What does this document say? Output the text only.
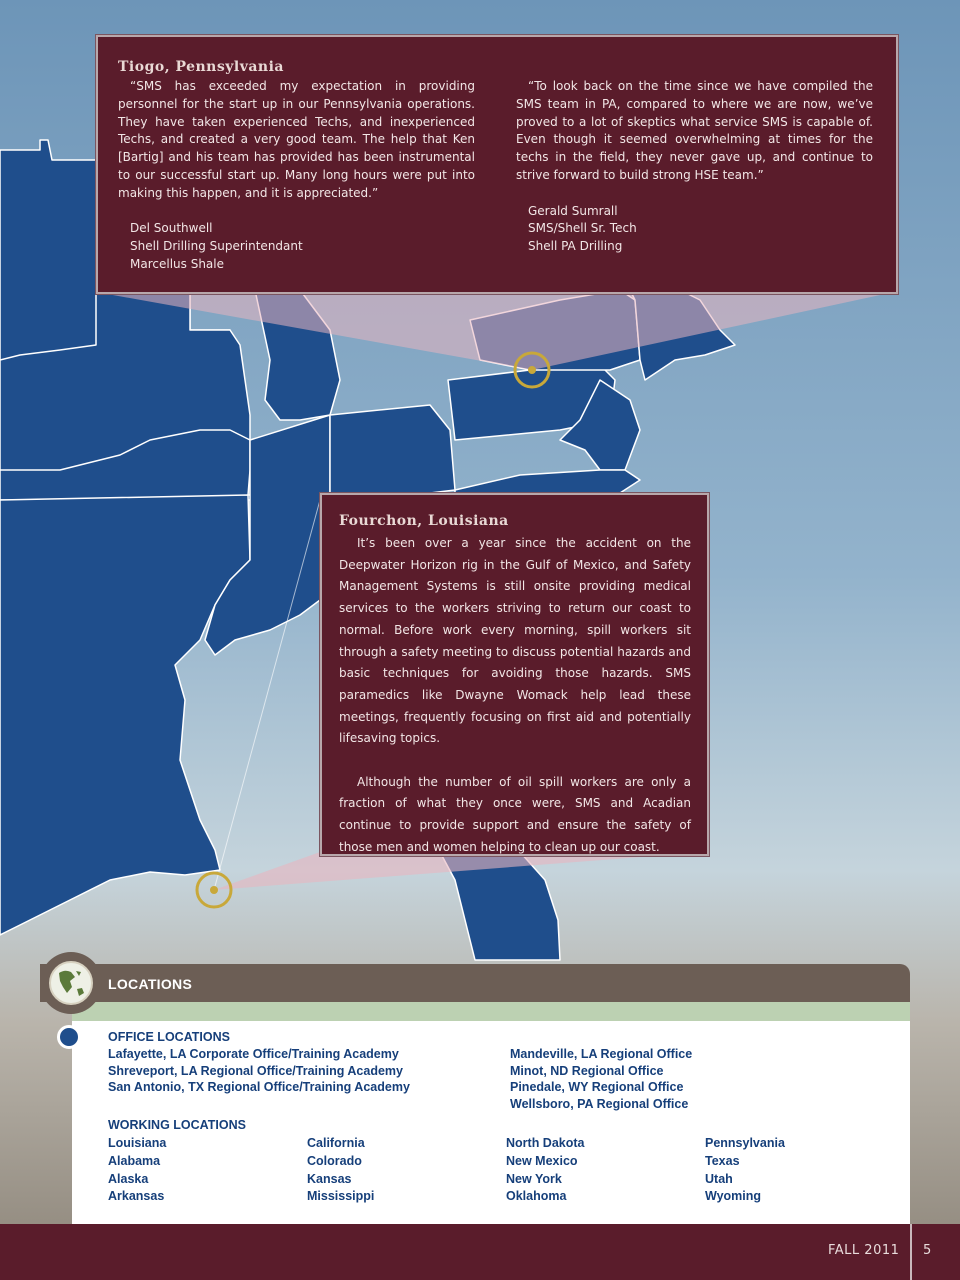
Tiogo, Pennsylvania

“SMS has exceeded my expectation in providing personnel for the start up in our Pennsylvania operations. They have taken experienced Techs, and inexperienced Techs, and created a very good team. The help that Ken [Bartig] and his team has provided has been instrumental to our successful start up. Many long hours were put into making this happen, and it is appreciated.”

Del Southwell
Shell Drilling Superintendant
Marcellus Shale

“To look back on the time since we have compiled the SMS team in PA, compared to where we are now, we’ve proved to a lot of skeptics what service SMS is capable of. Even though it seemed overwhelming at times for the techs in the field, they never gave up, and continue to strive forward to build strong HSE team.”

Gerald Sumrall
SMS/Shell Sr. Tech
Shell PA Drilling

Fourchon, Louisiana

It’s been over a year since the accident on the Deepwater Horizon rig in the Gulf of Mexico, and Safety Management Systems is still onsite providing medical services to the workers striving to return our coast to normal. Before work every morning, spill workers sit through a safety meeting to discuss potential hazards and basic techniques for avoiding those hazards. SMS paramedics like Dwayne Womack help lead these meetings, frequently focusing on first aid and potentially lifesaving topics.

Although the number of oil spill workers are only a fraction of what they once were, SMS and Acadian continue to provide support and ensure the safety of those men and women helping to clean up our coast.

LOCATIONS
OFFICE LOCATIONS
Lafayette, LA Corporate Office/Training Academy
Shreveport, LA Regional Office/Training Academy
San Antonio, TX Regional Office/Training Academy
Mandeville, LA Regional Office
Minot, ND Regional Office
Pinedale, WY Regional Office
Wellsboro, PA Regional Office
WORKING LOCATIONS
Louisiana
Alabama
Alaska
Arkansas
California
Colorado
Kansas
Mississippi
North Dakota
New Mexico
New York
Oklahoma
Pennsylvania
Texas
Utah
Wyoming
FALL 2011 5
